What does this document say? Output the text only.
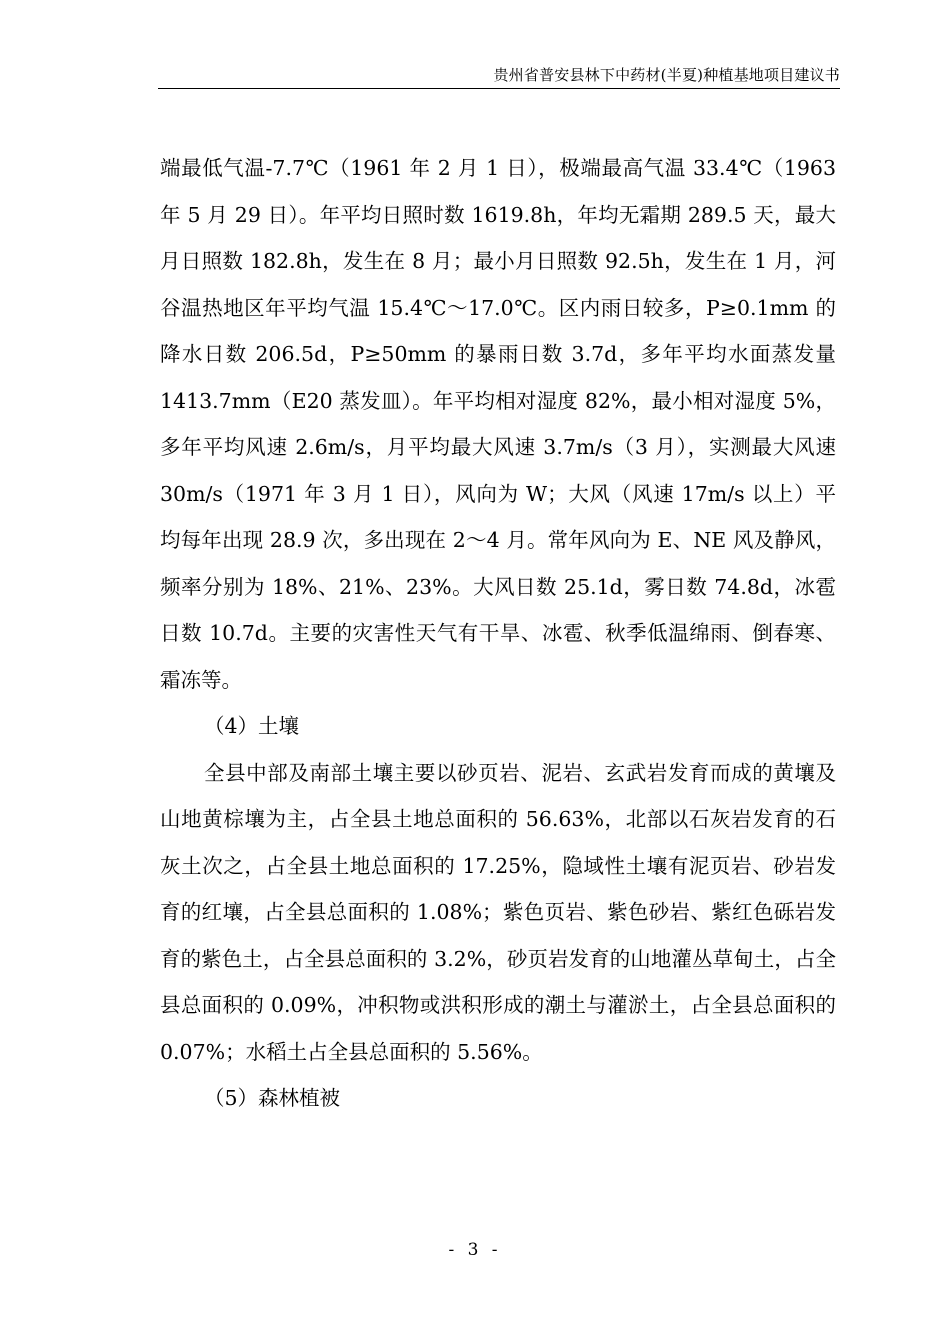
贵州省普安县林下中药材(半夏)种植基地项目建议书

端最低气温-7.7℃（1961 年 2 月 1 日），极端最高气温 33.4℃（1963 年 5 月 29 日）。年平均日照时数 1619.8h，年均无霜期 289.5 天，最大月日照数 182.8h，发生在 8 月；最小月日照数 92.5h，发生在 1 月，河谷温热地区年平均气温 15.4℃～17.0℃。区内雨日较多，P≥0.1mm 的降水日数 206.5d，P≥50mm 的暴雨日数 3.7d，多年平均水面蒸发量 1413.7mm（E20 蒸发皿）。年平均相对湿度 82%，最小相对湿度 5%，多年平均风速 2.6m/s，月平均最大风速 3.7m/s（3 月），实测最大风速 30m/s（1971 年 3 月 1 日），风向为 W；大风（风速 17m/s 以上）平均每年出现 28.9 次，多出现在 2～4 月。常年风向为 E、NE 风及静风，频率分别为 18%、21%、23%。大风日数 25.1d，雾日数 74.8d，冰雹日数 10.7d。主要的灾害性天气有干旱、冰雹、秋季低温绵雨、倒春寒、霜冻等。

（4）土壤

全县中部及南部土壤主要以砂页岩、泥岩、玄武岩发育而成的黄壤及山地黄棕壤为主，占全县土地总面积的 56.63%，北部以石灰岩发育的石灰土次之，占全县土地总面积的 17.25%，隐域性土壤有泥页岩、砂岩发育的红壤，占全县总面积的 1.08%；紫色页岩、紫色砂岩、紫红色砾岩发育的紫色土，占全县总面积的 3.2%，砂页岩发育的山地灌丛草甸土，占全县总面积的 0.09%，冲积物或洪积形成的潮土与灌淤土，占全县总面积的 0.07%；水稻土占全县总面积的 5.56%。

（5）森林植被

- 3 -
